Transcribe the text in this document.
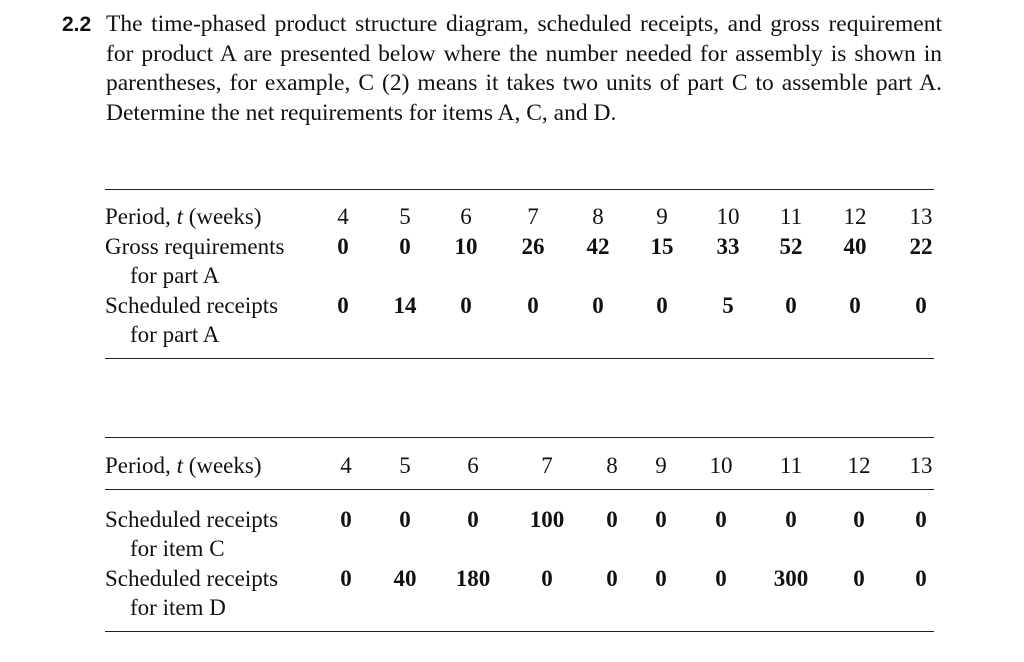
2.2 The time-phased product structure diagram, scheduled receipts, and gross requirement for product A are presented below where the number needed for assembly is shown in parentheses, for example, C (2) means it takes two units of part C to assemble part A. Determine the net requirements for items A, C, and D.
Period, t (weeks)	4	5	6	7	8	9	10	11	12	13
Gross requirements
for part A
0	0	10	26	42	15	33	52	40	22
Scheduled receipts
for part A
0	14	0	0	0	0	5	0	0	0
Period, t (weeks)	4	5	6	7	8	9	10	11	12	13
Scheduled receipts
for item C
0	0	0	100	0	0	0	0	0	0
Scheduled receipts
for item D
0	40	180	0	0	0	0	300	0	0
